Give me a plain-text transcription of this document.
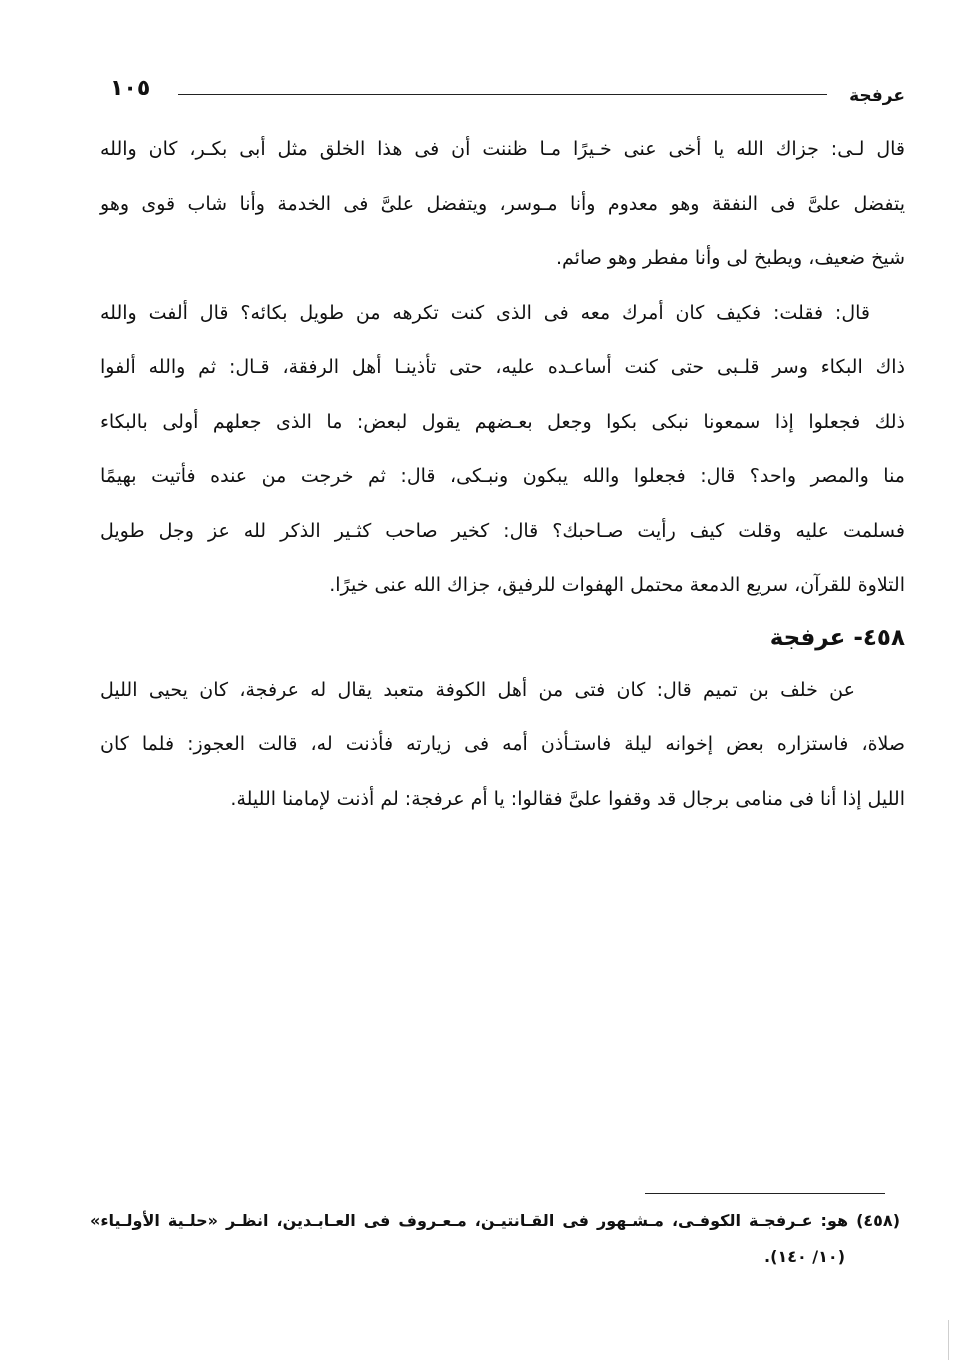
عرفجة
١٠٥

قال لـى: جزاك الله يا أخى عنى خـيرًا مـا ظننت أن فى هذا الخلق مثل أبى بكـر، كان والله
يتفضل علىَّ فى النفقة وهو معدوم وأنا مـوسر، ويتفضل علىَّ فى الخدمة وأنا شاب قوى وهو
شيخ ضعيف، ويطبخ لى وأنا مفطر وهو صائم.

قال: فقلت: فكيف كان أمرك معه فى الذى كنت تكرهه من طويل بكائه؟ قال ألفت والله
ذاك البكاء وسر قلـبى حتى كنت أساعـده عليه، حتى تأذينـا أهل الرفقة، قـال: ثم والله ألفوا
ذلك فجعلوا إذا سمعونا نبكى بكوا وجعل بعـضهم يقول لبعض: ما الذى جعلهم أولى بالبكاء
منا والمصر واحد؟ قال: فجعلوا والله يبكون ونبـكى، قال: ثم خرجت من عنده فأتيت بهيمًا
فسلمت عليه وقلت كيف رأيت صـاحبك؟ قال: كخير صاحب كثـير الذكر لله عز وجل طويل
التلاوة للقرآن، سريع الدمعة محتمل الهفوات للرفيق، جزاك الله عنى خيرًا.

٤٥٨- عرفجة

عن خلف بن تميم قال: كان فتى من أهل الكوفة متعبد يقال له عرفجة، كان يحيى الليل
صلاة، فاستزاره بعض إخوانه ليلة فاستـأذن أمه فى زيارته فأذنت له، قالت العجوز: فلما كان
الليل إذا أنا فى منامى برجال قد وقفوا علىَّ فقالوا: يا أم عرفجة: لم أذنت لإمامنا الليلة.

(٤٥٨) هو: عـرفجـة الكوفـى، مـشـهور فى القـانتيـن، مـعـروف فى العـابـدين، انظـر «حلـية الأولـياء»
(١٠/ ١٤٠).
